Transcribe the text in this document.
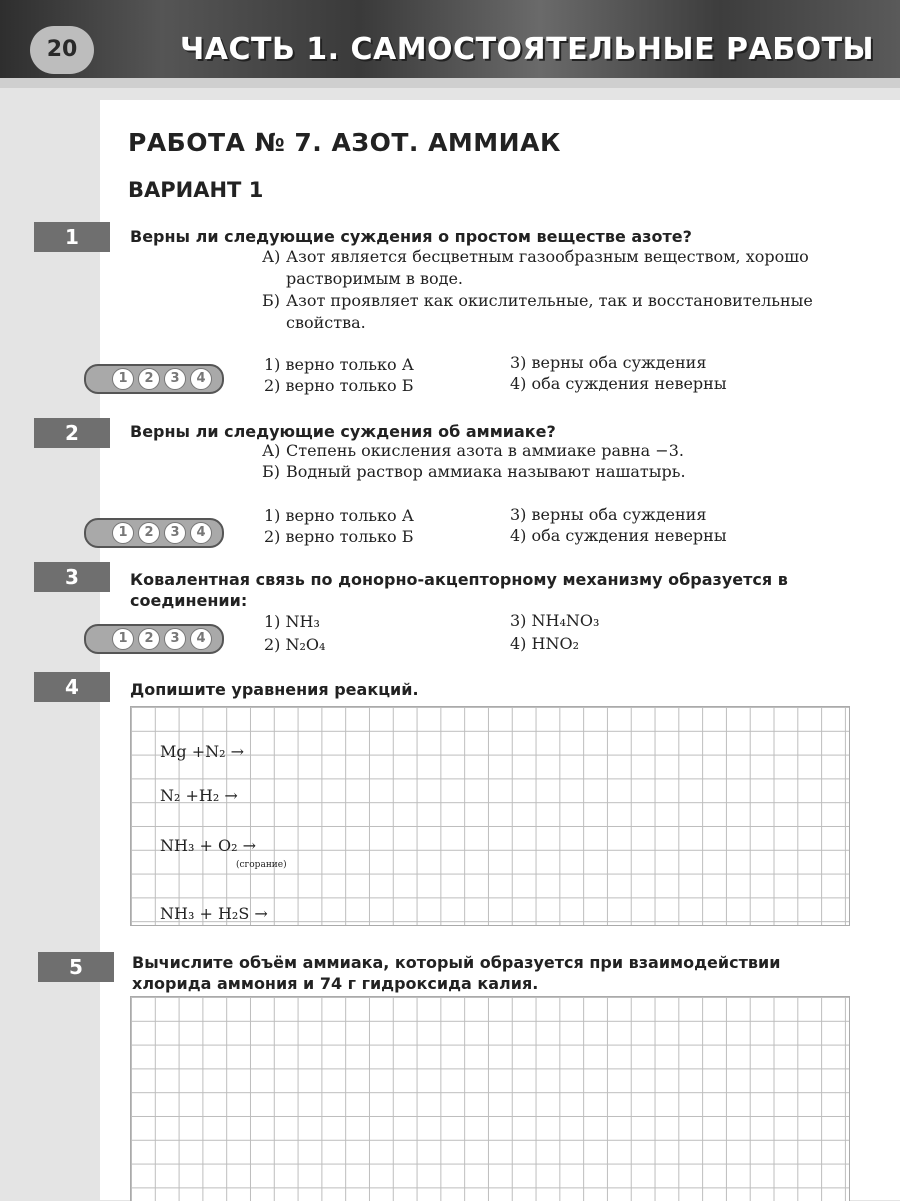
20	ЧАСТЬ 1. САМОСТОЯТЕЛЬНЫЕ РАБОТЫ
РАБОТА № 7. АЗОТ. АММИАК
ВАРИАНТ 1
1	Верны ли следующие суждения о простом веществе азоте?
А) Азот является бесцветным газообразным веществом, хорошо
растворимым в воде.
Б) Азот проявляет как окислительные, так и восстановительные
свойства.
1	2	3	4
1) верно только А
2) верно только Б
3) верны оба суждения
4) оба суждения неверны
2	Верны ли следующие суждения об аммиаке?
А) Степень окисления азота в аммиаке равна −3.
Б) Водный раствор аммиака называют нашатырь.
1	2	3	4
1) верно только А
2) верно только Б
3) верны оба суждения
4) оба суждения неверны
3	Ковалентная связь по донорно-акцепторному механизму образуется в
соединении:
1	2	3	4
1) NH₃
2) N₂O₄
3) NH₄NO₃
4) HNO₂
4	Допишите уравнения реакций.
Mg +N₂ →
N₂ +H₂ →
NH₃ + O₂ →
(сгорание)
NH₃ + H₂S →
5	Вычислите объём аммиака, который образуется при взаимодействии
хлорида аммония и 74 г гидроксида калия.
